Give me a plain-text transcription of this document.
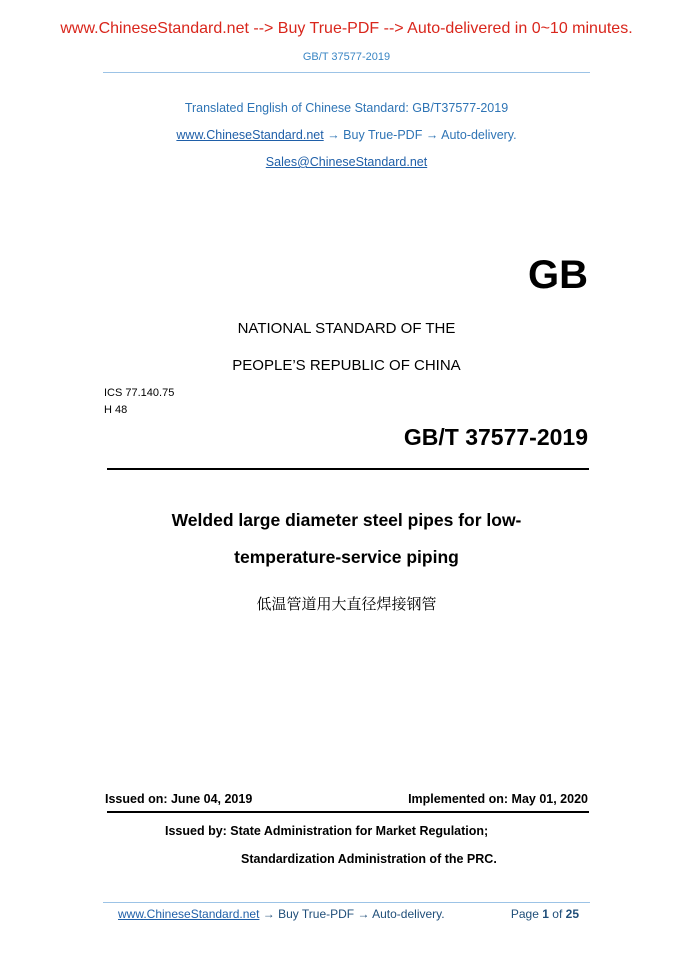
www.ChineseStandard.net --> Buy True-PDF --> Auto-delivered in 0~10 minutes.
GB/T 37577-2019
Translated English of Chinese Standard: GB/T37577-2019
www.ChineseStandard.net → Buy True-PDF → Auto-delivery.
Sales@ChineseStandard.net
GB
NATIONAL STANDARD OF THE
PEOPLE’S REPUBLIC OF CHINA
ICS 77.140.75
H 48
GB/T 37577-2019
Welded large diameter steel pipes for low-
temperature-service piping
低温管道用大直径焊接钢管
Issued on: June 04, 2019	Implemented on: May 01, 2020
Issued by: State Administration for Market Regulation;
Standardization Administration of the PRC.
www.ChineseStandard.net → Buy True-PDF → Auto-delivery.	Page 1 of 25
